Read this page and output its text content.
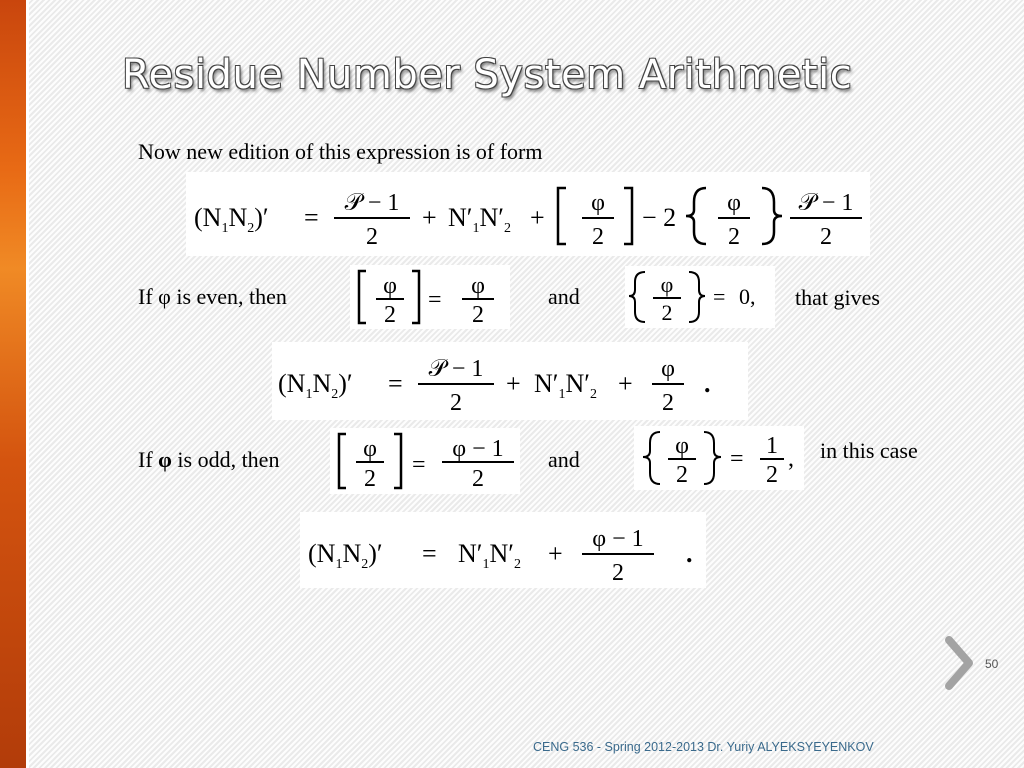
Residue Number System Arithmetic
Now new edition of this expression is of form
$(N_1N_2)'$ = 𝒫 − 1
2
+ $N'_1N'_2 + \varphi$
2
− 2 φ
2
𝒫 − 1
2
If φ is even, then	φ
2
=
φ
2
and	φ
2
= 0, that gives
$(N_1N_2)'$ = 𝒫 − 1
2
+ $N'_1N'_2 + \varphi$
2
.
If φ is odd, then	φ
2
=
φ − 1
2
and
φ
2
= 1
2
, in this case
$(N_1N_2)' = N'_1N'_2 + \varphi - 1$
2
.
50
CENG 536 - Spring 2012-2013 Dr. Yuriy ALYEKSYEYENKOV
